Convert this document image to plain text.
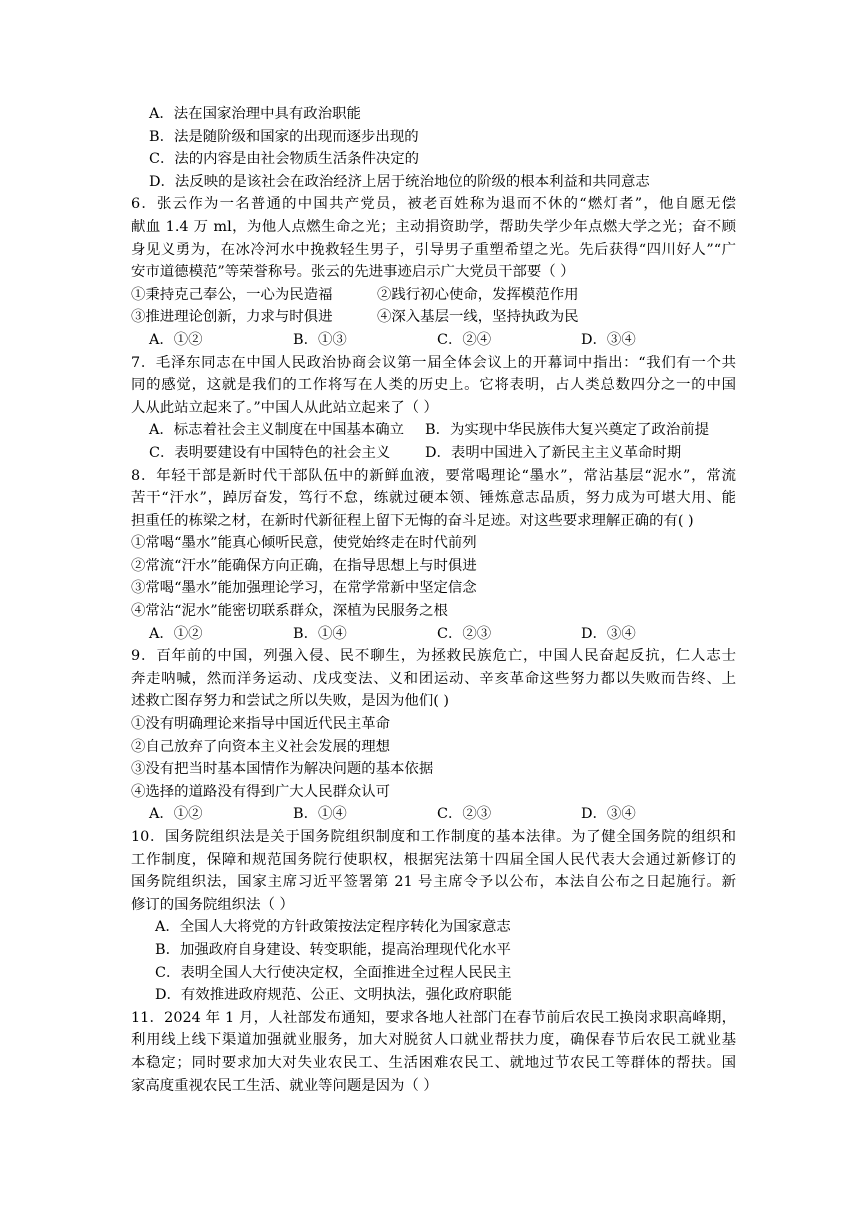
A．法在国家治理中具有政治职能
B．法是随阶级和国家的出现而逐步出现的
C．法的内容是由社会物质生活条件决定的
D．法反映的是该社会在政治经济上居于统治地位的阶级的根本利益和共同意志
6．张云作为一名普通的中国共产党员，被老百姓称为退而不休的“燃灯者”，他自愿无偿
献血 1.4 万 ml，为他人点燃生命之光；主动捐资助学，帮助失学少年点燃大学之光；奋不顾
身见义勇为，在冰冷河水中挽救轻生男子，引导男子重塑希望之光。先后获得“四川好人”“广
安市道德模范”等荣誉称号。张云的先进事迹启示广大党员干部要（ ）
①秉持克己奉公，一心为民造福	②践行初心使命，发挥模范作用
③推进理论创新，力求与时俱进	④深入基层一线，坚持执政为民
A．①②	B．①③	C．②④	D．③④
7．毛泽东同志在中国人民政治协商会议第一届全体会议上的开幕词中指出：“我们有一个共
同的感觉，这就是我们的工作将写在人类的历史上。它将表明，占人类总数四分之一的中国
人从此站立起来了。”中国人从此站立起来了（ ）
A．标志着社会主义制度在中国基本确立	B．为实现中华民族伟大复兴奠定了政治前提
C．表明要建设有中国特色的社会主义	D．表明中国进入了新民主主义革命时期
8．年轻干部是新时代干部队伍中的新鲜血液，要常喝理论“墨水”，常沾基层“泥水”，常流
苦干“汗水”，踔厉奋发，笃行不怠，练就过硬本领、锤炼意志品质，努力成为可堪大用、能
担重任的栋梁之材，在新时代新征程上留下无悔的奋斗足迹。对这些要求理解正确的有( )
①常喝“墨水”能真心倾听民意，使党始终走在时代前列
②常流“汗水”能确保方向正确，在指导思想上与时俱进
③常喝“墨水”能加强理论学习，在常学常新中坚定信念
④常沾“泥水”能密切联系群众，深植为民服务之根
A．①②	B．①④	C．②③	D．③④
9．百年前的中国，列强入侵、民不聊生，为拯救民族危亡，中国人民奋起反抗，仁人志士
奔走呐喊，然而洋务运动、戊戌变法、义和团运动、辛亥革命这些努力都以失败而告终、上
述救亡图存努力和尝试之所以失败，是因为他们( )
①没有明确理论来指导中国近代民主革命
②自己放弃了向资本主义社会发展的理想
③没有把当时基本国情作为解决问题的基本依据
④选择的道路没有得到广大人民群众认可
A．①②	B．①④	C．②③	D．③④
10．国务院组织法是关于国务院组织制度和工作制度的基本法律。为了健全国务院的组织和
工作制度，保障和规范国务院行使职权，根据宪法第十四届全国人民代表大会通过新修订的
国务院组织法，国家主席习近平签署第 21 号主席令予以公布，本法自公布之日起施行。新
修订的国务院组织法（ ）
A．全国人大将党的方针政策按法定程序转化为国家意志
B．加强政府自身建设、转变职能，提高治理现代化水平
C．表明全国人大行使决定权，全面推进全过程人民民主
D．有效推进政府规范、公正、文明执法，强化政府职能
11．2024 年 1 月，人社部发布通知，要求各地人社部门在春节前后农民工换岗求职高峰期，
利用线上线下渠道加强就业服务，加大对脱贫人口就业帮扶力度，确保春节后农民工就业基
本稳定；同时要求加大对失业农民工、生活困难农民工、就地过节农民工等群体的帮扶。国
家高度重视农民工生活、就业等问题是因为（ ）
